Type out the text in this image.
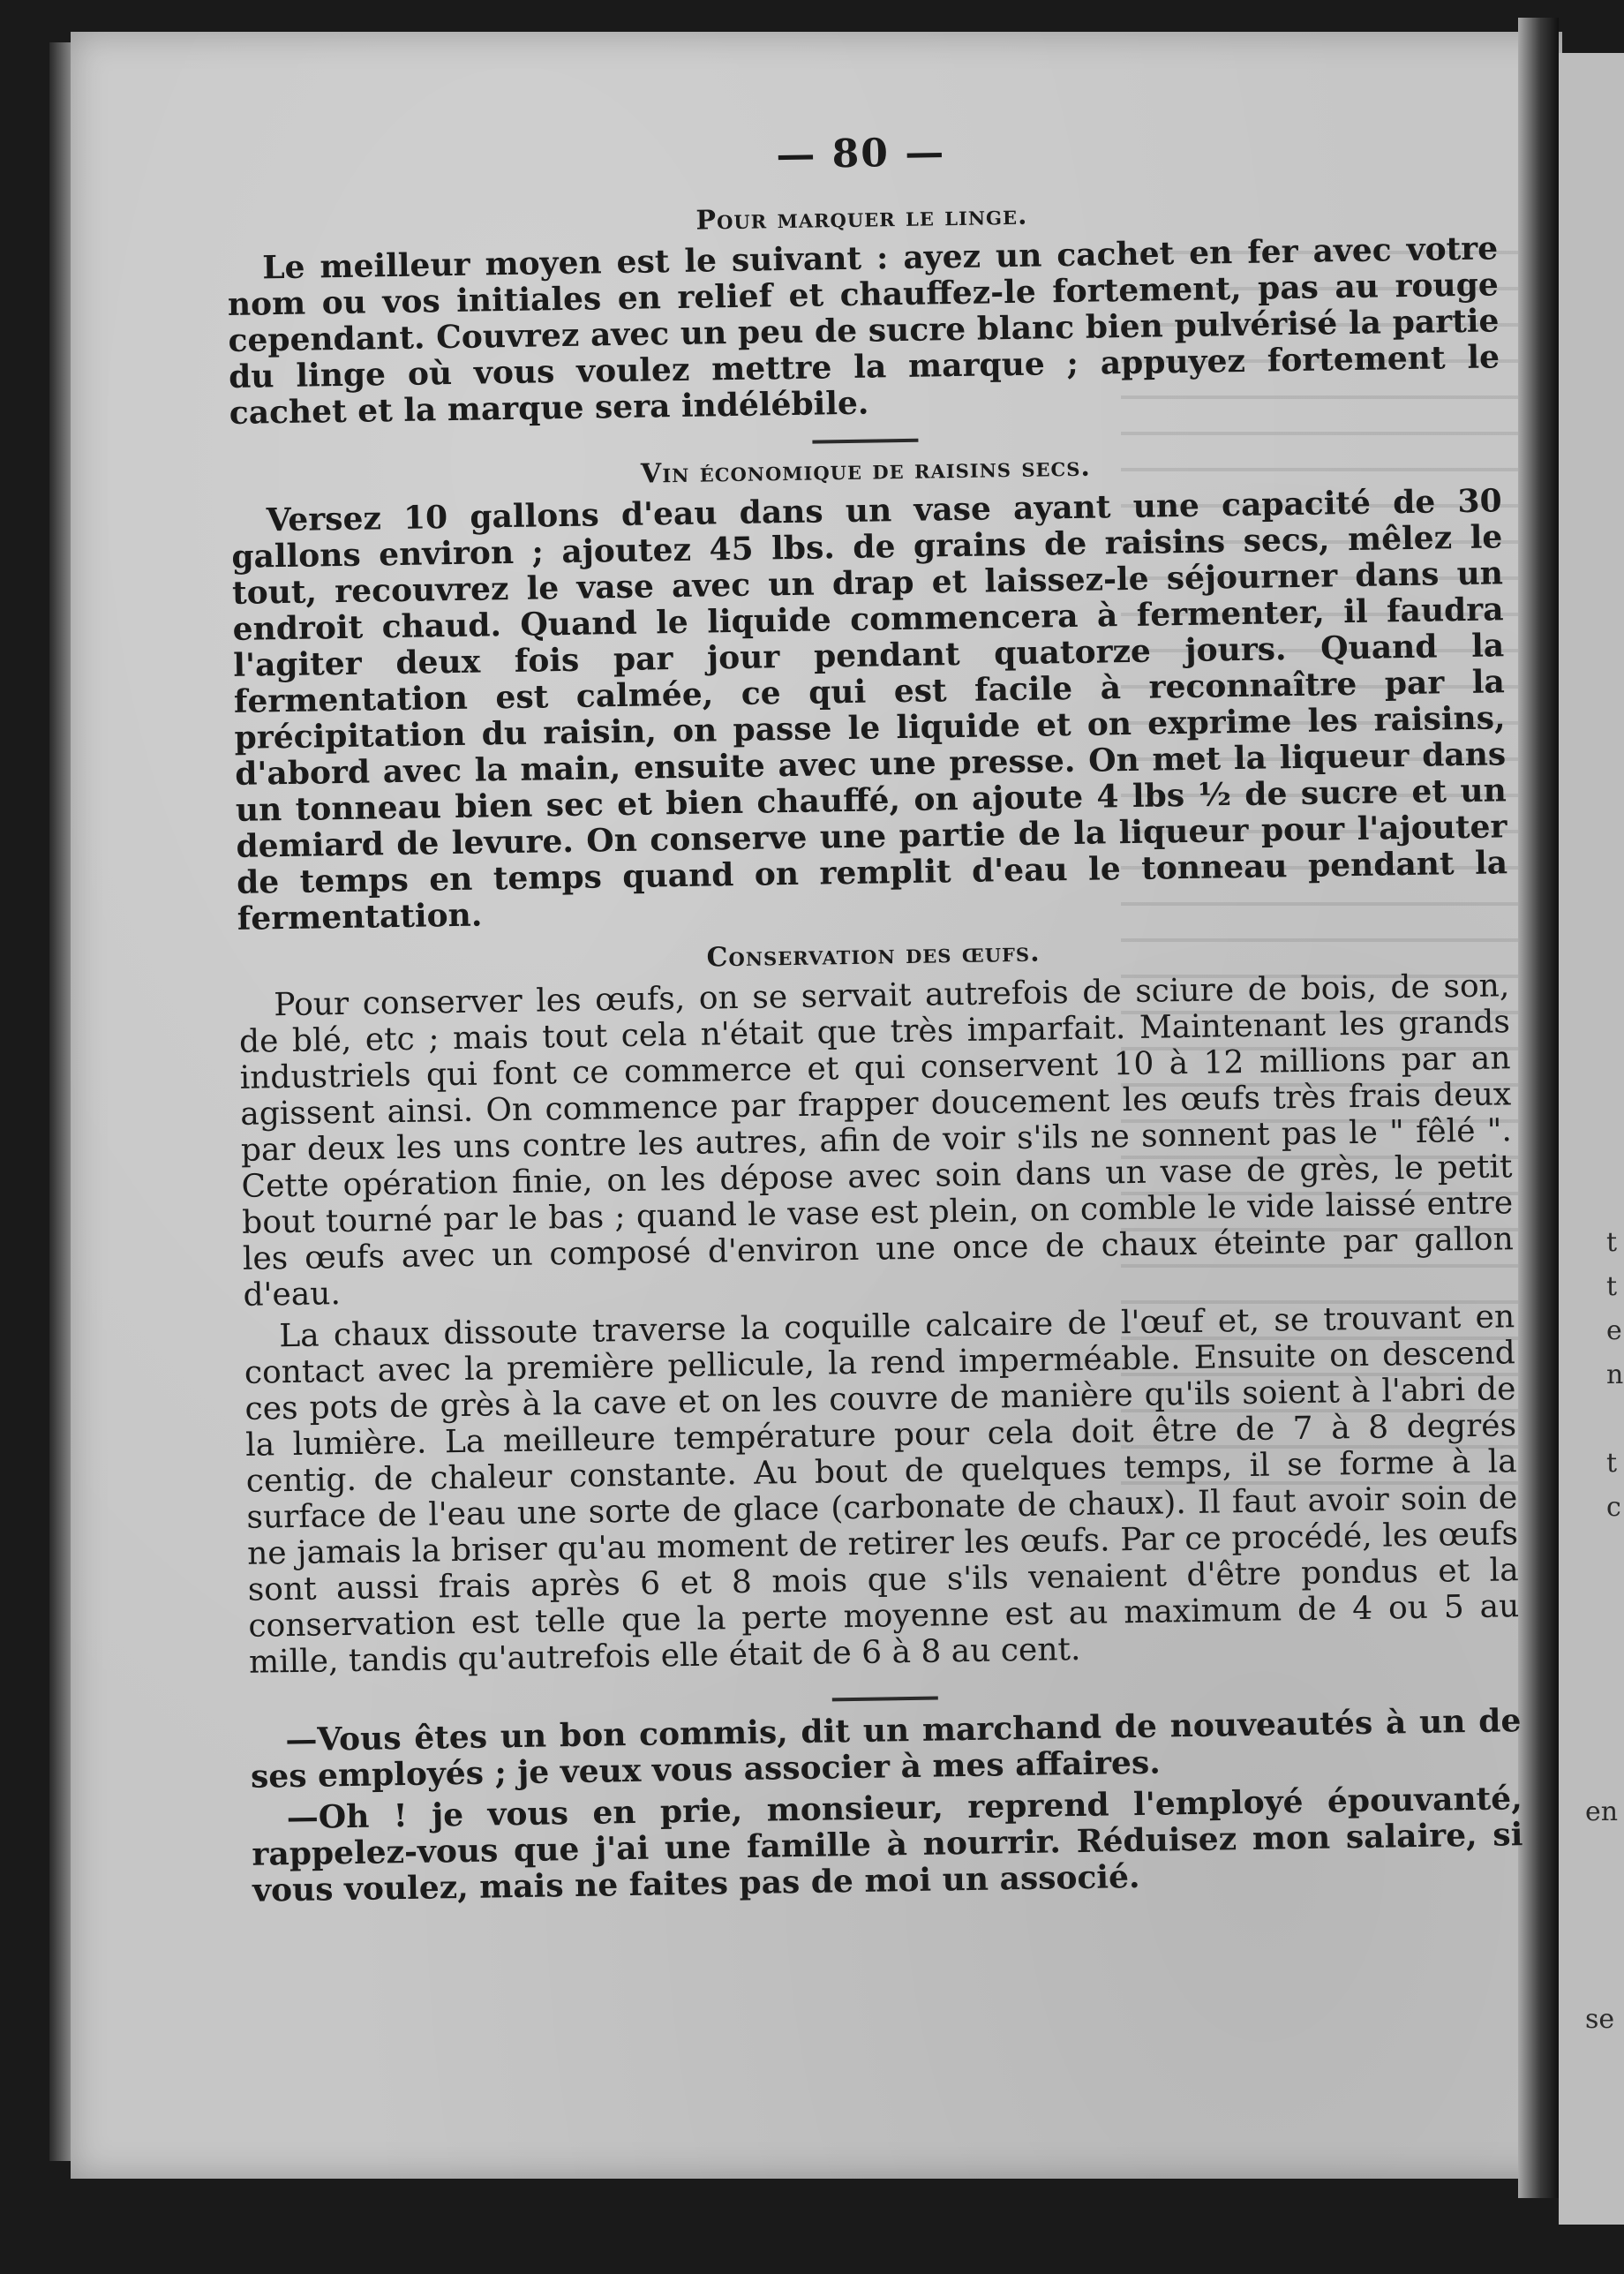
t
t
e
n
t
c
en
se
— 80 —
Pour marquer le linge.

Le meilleur moyen est le suivant : ayez un cachet en fer avec votre nom ou vos initiales en relief et chauffez-le fortement, pas au rouge cependant. Couvrez avec un peu de sucre blanc bien pulvérisé la partie du linge où vous voulez mettre la marque ; appuyez fortement le cachet et la marque sera indélébile.

Vin économique de raisins secs.

Versez 10 gallons d'eau dans un vase ayant une capacité de 30 gallons environ ; ajoutez 45 lbs. de grains de raisins secs, mêlez le tout, recouvrez le vase avec un drap et laissez-le séjourner dans un endroit chaud. Quand le liquide commencera à fermenter, il faudra l'agiter deux fois par jour pendant quatorze jours. Quand la fermentation est calmée, ce qui est facile à reconnaître par la précipitation du raisin, on passe le liquide et on exprime les raisins, d'abord avec la main, ensuite avec une presse. On met la liqueur dans un tonneau bien sec et bien chauffé, on ajoute 4 lbs ½ de sucre et un demiard de levure. On conserve une partie de la liqueur pour l'ajouter de temps en temps quand on remplit d'eau le tonneau pendant la fermentation.

Conservation des œufs.

Pour conserver les œufs, on se servait autrefois de sciure de bois, de son, de blé, etc ; mais tout cela n'était que très imparfait. Maintenant les grands industriels qui font ce commerce et qui conservent 10 à 12 millions par an agissent ainsi. On commence par frapper doucement les œufs très frais deux par deux les uns contre les autres, afin de voir s'ils ne sonnent pas le " fêlé ". Cette opération finie, on les dépose avec soin dans un vase de grès, le petit bout tourné par le bas ; quand le vase est plein, on comble le vide laissé entre les œufs avec un composé d'environ une once de chaux éteinte par gallon d'eau.

La chaux dissoute traverse la coquille calcaire de l'œuf et, se trouvant en contact avec la première pellicule, la rend imperméable. Ensuite on descend ces pots de grès à la cave et on les couvre de manière qu'ils soient à l'abri de la lumière. La meilleure température pour cela doit être de 7 à 8 degrés centig. de chaleur constante. Au bout de quelques temps, il se forme à la surface de l'eau une sorte de glace (carbonate de chaux). Il faut avoir soin de ne jamais la briser qu'au moment de retirer les œufs. Par ce procédé, les œufs sont aussi frais après 6 et 8 mois que s'ils venaient d'être pondus et la conservation est telle que la perte moyenne est au maximum de 4 ou 5 au mille, tandis qu'autrefois elle était de 6 à 8 au cent.

—Vous êtes un bon commis, dit un marchand de nouveautés à un de ses employés ; je veux vous associer à mes affaires.

—Oh ! je vous en prie, monsieur, reprend l'employé épouvanté, rappelez-vous que j'ai une famille à nourrir. Réduisez mon salaire, si vous voulez, mais ne faites pas de moi un associé.
